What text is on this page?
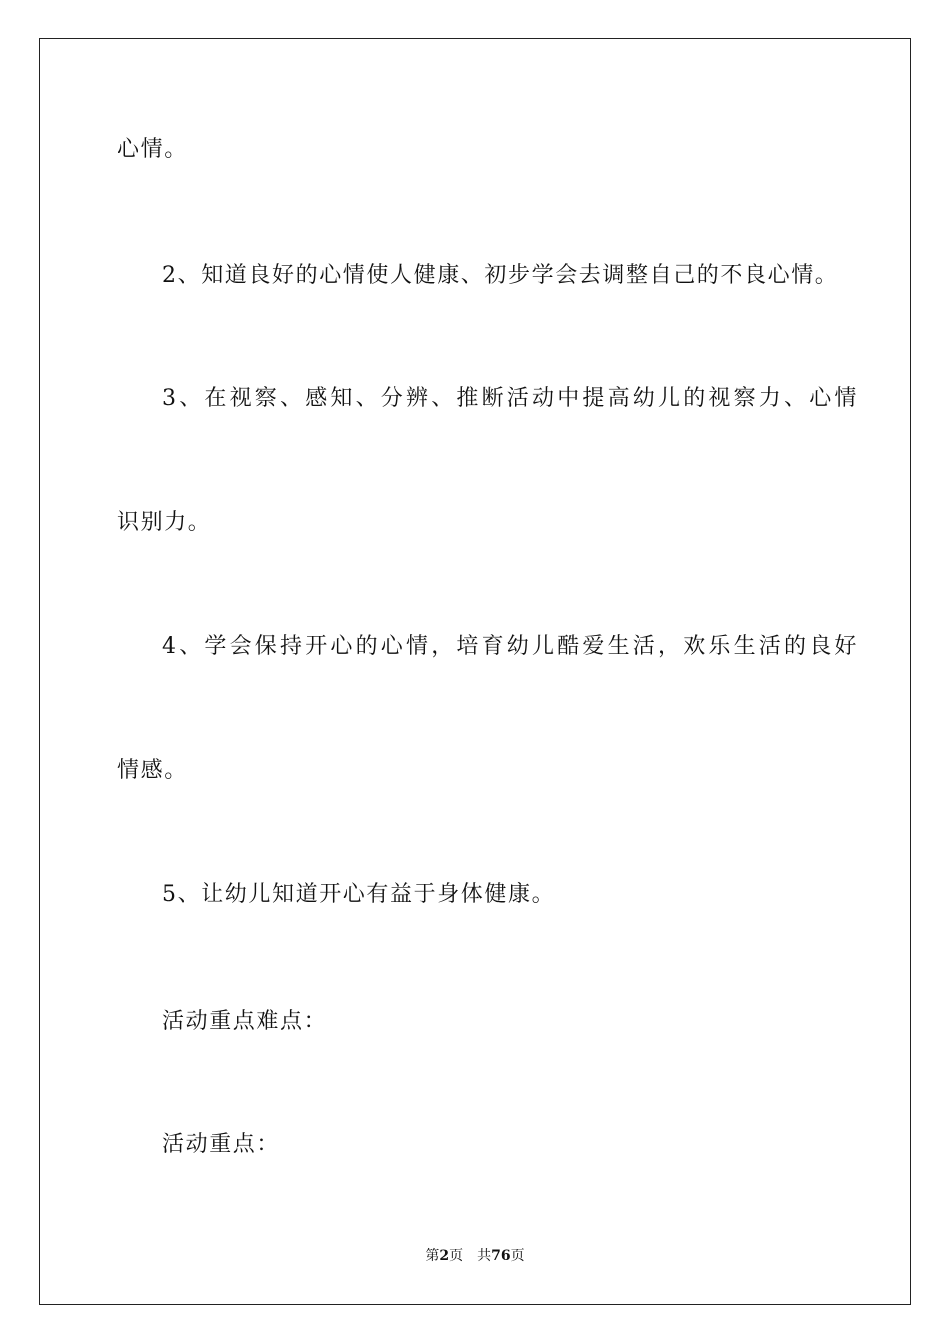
心情。
2、知道良好的心情使人健康、初步学会去调整自己的不良心情。
3、在视察、感知、分辨、推断活动中提高幼儿的视察力、心情
识别力。
4、学会保持开心的心情，培育幼儿酷爱生活，欢乐生活的良好
情感。
5、让幼儿知道开心有益于身体健康。
活动重点难点：
活动重点：
第2页 共76页
